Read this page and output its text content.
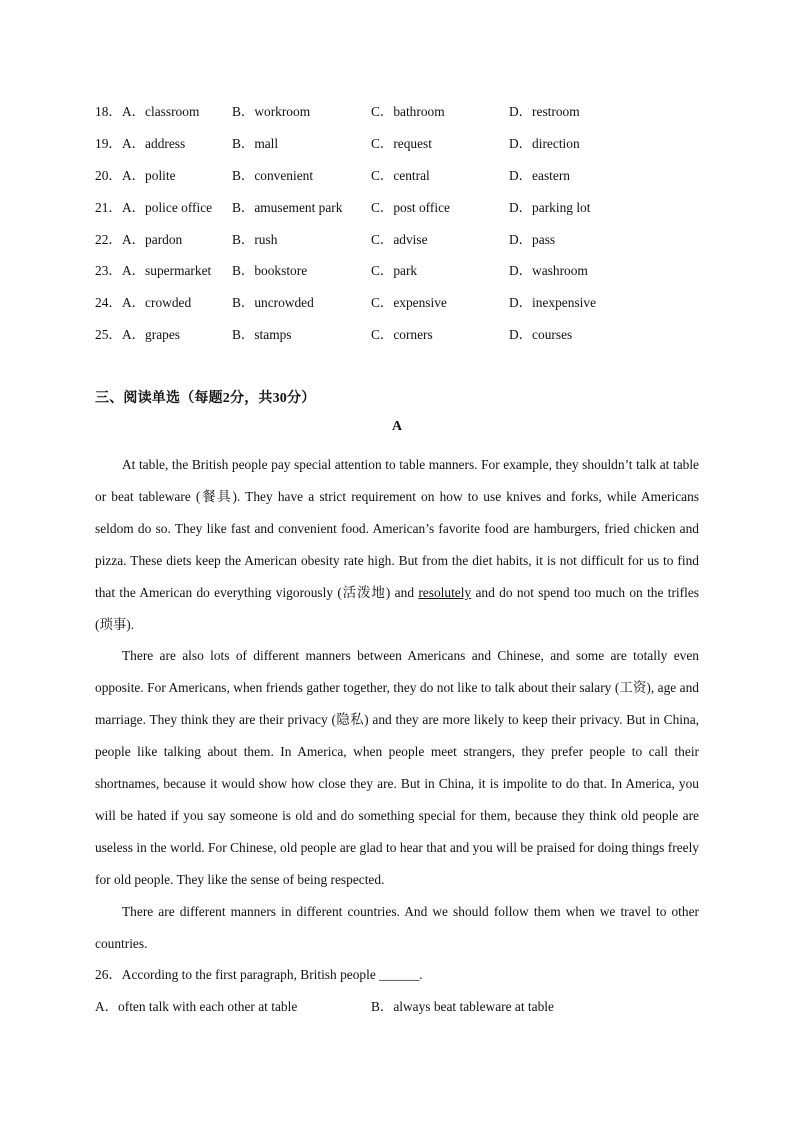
18． A．classroom B．workroom	C．bathroom	D．restroom
19． A．address	B．mall	C．request	D．direction
20． A．polite	B．convenient	C．central	D．eastern
21． A．police office B．amusement park C．post office	D．parking lot
22． A．pardon	B．rush	C．advise	D．pass
23． A．supermarket B．bookstore	C．park	D．washroom
24． A．crowded	B．uncrowded	C．expensive	D．inexpensive
25． A．grapes	B．stamps	C．corners	D．courses
三、阅读单选（每题2分，共30分）
A

At table, the British people pay special attention to table manners. For example, they shouldn’t talk at table or beat tableware (餐具). They have a strict requirement on how to use knives and forks, while Americans seldom do so. They like fast and convenient food. American’s favorite food are hamburgers, fried chicken and pizza. These diets keep the American obesity rate high. But from the diet habits, it is not difficult for us to find that the American do everything vigorously (活泼地) and resolutely and do not spend too much on the trifles (琐事).

There are also lots of different manners between Americans and Chinese, and some are totally even opposite. For Americans, when friends gather together, they do not like to talk about their salary (工资), age and marriage. They think they are their privacy (隐私) and they are more likely to keep their privacy. But in China, people like talking about them. In America, when people meet strangers, they prefer people to call their shortnames, because it would show how close they are. But in China, it is impolite to do that. In America, you will be hated if you say someone is old and do something special for them, because they think old people are useless in the world. For Chinese, old people are glad to hear that and you will be praised for doing things freely for old people. They like the sense of being respected.

There are different manners in different countries. And we should follow them when we travel to other countries.

26．According to the first paragraph, British people ______.
A．often talk with each other at table	B．always beat tableware at table
